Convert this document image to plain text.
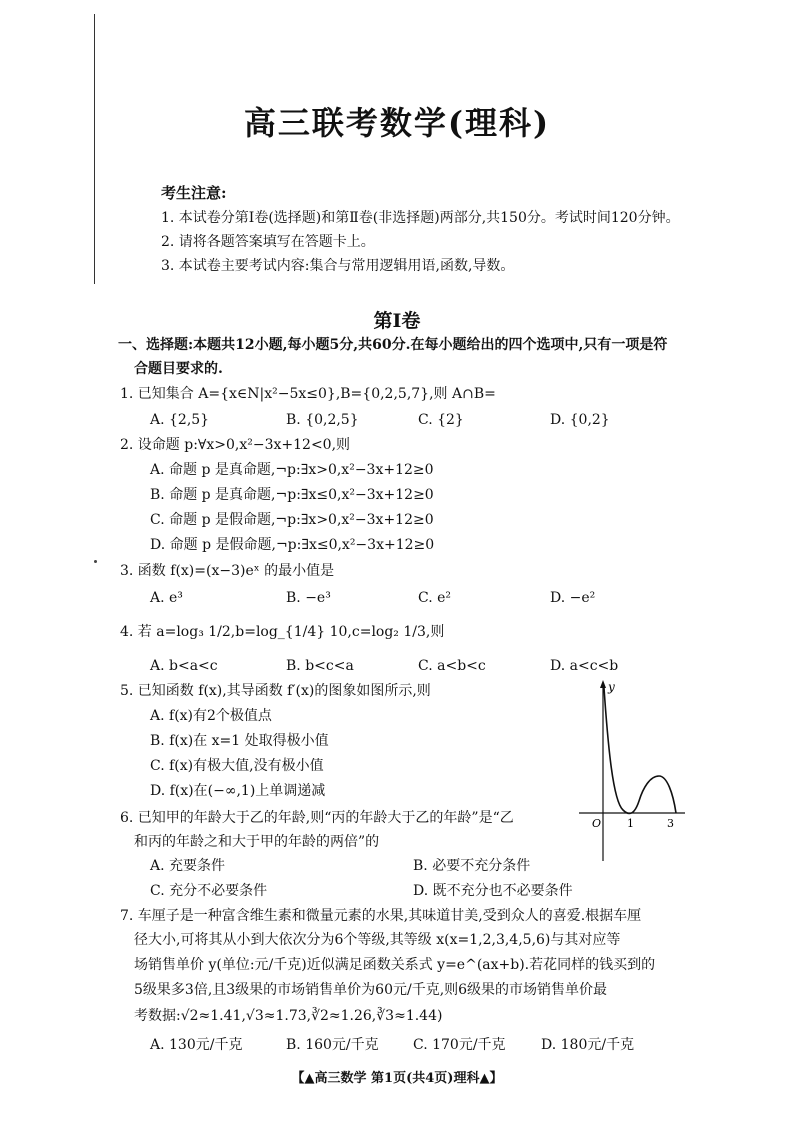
高三联考数学(理科)
考生注意:
1. 本试卷分第Ⅰ卷(选择题)和第Ⅱ卷(非选择题)两部分,共150分。考试时间120分钟。
2. 请将各题答案填写在答题卡上。
3. 本试卷主要考试内容:集合与常用逻辑用语,函数,导数。
第Ⅰ卷
一、选择题:本题共12小题,每小题5分,共60分.在每小题给出的四个选项中,只有一项是符
合题目要求的.
1. 已知集合 A={x∈N|x²−5x≤0},B={0,2,5,7},则 A∩B=
A. {2,5}	B. {0,2,5}	C. {2}	D. {0,2}
2. 设命题 p:∀x>0,x²−3x+12<0,则
A. 命题 p 是真命题,¬p:∃x>0,x²−3x+12≥0
B. 命题 p 是真命题,¬p:∃x≤0,x²−3x+12≥0
C. 命题 p 是假命题,¬p:∃x>0,x²−3x+12≥0
D. 命题 p 是假命题,¬p:∃x≤0,x²−3x+12≥0
3. 函数 f(x)=(x−3)eˣ 的最小值是
A. e³	B. −e³	C. e²	D. −e²
4. 若 a=log₃ 1/2,b=log_{1/4} 10,c=log₂ 1/3,则
A. b<a<c	B. b<c<a	C. a<b<c	D. a<c<b
5. 已知函数 f(x),其导函数 f′(x)的图象如图所示,则
A. f(x)有2个极值点
B. f(x)在 x=1 处取得极小值
C. f(x)有极大值,没有极小值
D. f(x)在(−∞,1)上单调递减
y
O 1	3
6. 已知甲的年龄大于乙的年龄,则“丙的年龄大于乙的年龄”是“乙
和丙的年龄之和大于甲的年龄的两倍”的
A. 充要条件	B. 必要不充分条件
C. 充分不必要条件	D. 既不充分也不必要条件
7. 车厘子是一种富含维生素和微量元素的水果,其味道甘美,受到众人的喜爱.根据车厘
径大小,可将其从小到大依次分为6个等级,其等级 x(x=1,2,3,4,5,6)与其对应等
场销售单价 y(单位:元/千克)近似满足函数关系式 y=e^(ax+b).若花同样的钱买到的
5级果多3倍,且3级果的市场销售单价为60元/千克,则6级果的市场销售单价最
考数据:√2≈1.41,√3≈1.73,∛2≈1.26,∛3≈1.44)
A. 130元/千克	B. 160元/千克 C. 170元/千克	D. 180元/千克
【▲高三数学 第1页(共4页)理科▲】
